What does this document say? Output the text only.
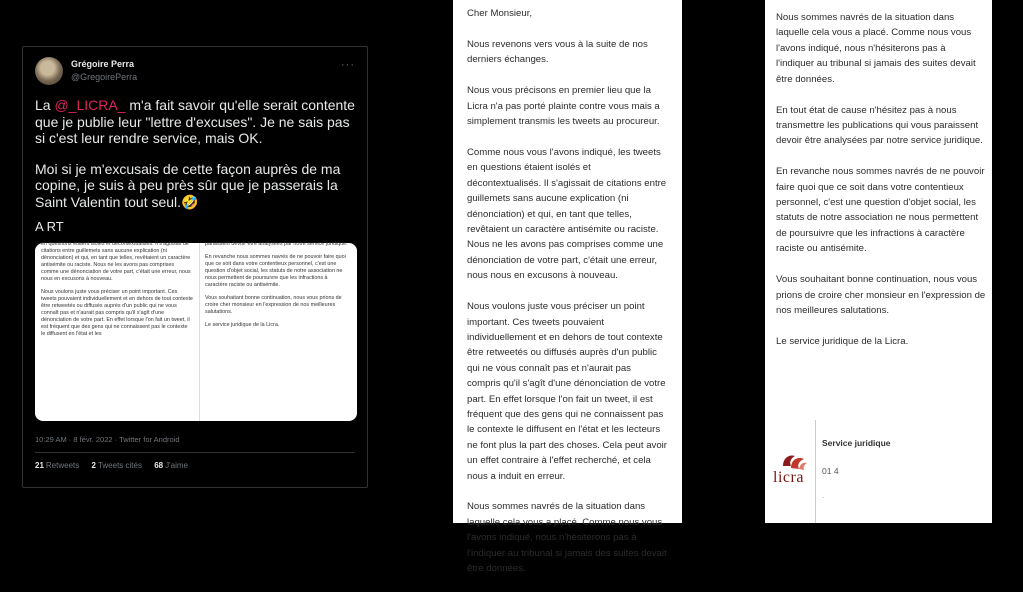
Grégoire Perra
@GregoirePerra
···

La @_LICRA_ m'a fait savoir qu'elle serait contente que je publie leur "lettre d'excuses". Je ne sais pas si c'est leur rendre service, mais OK.

Moi si je m'excusais de cette façon auprès de ma copine, je suis à peu près sûr que je passerais la Saint Valentin tout seul.🤣

A RT

en questions étaient isolés et décontextualisés. Il s'agissait de citations entre guillemets sans aucune explication (ni dénonciation) et qui, en tant que telles, revêtaient un caractère antisémite ou raciste. Nous ne les avons pas comprises comme une dénonciation de votre part, c'était une erreur, nous nous en excusons à nouveau.

Nous voulons juste vous préciser un point important. Ces tweets pouvaient individuellement et en dehors de tout contexte être retweetés ou diffusés auprès d'un public qui ne vous connaît pas et n'aurait pas compris qu'il s'agît d'une dénonciation de votre part. En effet lorsque l'on fait un tweet, il est fréquent que des gens qui ne connaissent pas le contexte le diffusent en l'état et les

paraissent devoir être analysées par notre service juridique.

En revanche nous sommes navrés de ne pouvoir faire quoi que ce soit dans votre contentieux personnel, c'est une question d'objet social, les statuts de notre association ne nous permettent de poursuivre que les infractions à caractère raciste ou antisémite.

Vous souhaitant bonne continuation, nous vous prions de croire cher monsieur en l'expression de nos meilleures salutations.

Le service juridique de la Licra.

10:29 AM · 8 févr. 2022 · Twitter for Android
21 Retweets 2 Tweets cités 68 J'aime

Cher Monsieur,

Nous revenons vers vous à la suite de nos derniers échanges.

Nous vous précisons en premier lieu que la Licra n'a pas porté plainte contre vous mais a simplement transmis les tweets au procureur.

Comme nous vous l'avons indiqué, les tweets en questions étaient isolés et décontextualisés. Il s'agissait de citations entre guillemets sans aucune explication (ni dénonciation) et qui, en tant que telles, revêtaient un caractère antisémite ou raciste. Nous ne les avons pas comprises comme une dénonciation de votre part, c'était une erreur, nous nous en excusons à nouveau.

Nous voulons juste vous préciser un point important. Ces tweets pouvaient individuellement et en dehors de tout contexte être retweetés ou diffusés auprès d'un public qui ne vous connaît pas et n'aurait pas compris qu'il s'agît d'une dénonciation de votre part. En effet lorsque l'on fait un tweet, il est fréquent que des gens qui ne connaissent pas le contexte le diffusent en l'état et les lecteurs ne font plus la part des choses. Cela peut avoir un effet contraire à l'effet recherché, et cela nous a induit en erreur.

Nous sommes navrés de la situation dans laquelle cela vous a placé. Comme nous vous l'avons indiqué, nous n'hésiterons pas à l'indiquer au tribunal si jamais des suites devait être données.

Nous sommes navrés de la situation dans laquelle cela vous a placé. Comme nous vous l'avons indiqué, nous n'hésiterons pas à l'indiquer au tribunal si jamais des suites devait être données.

En tout état de cause n'hésitez pas à nous transmettre les publications qui vous paraissent devoir être analysées par notre service juridique.

En revanche nous sommes navrés de ne pouvoir faire quoi que ce soit dans votre contentieux personnel, c'est une question d'objet social, les statuts de notre association ne nous permettent de poursuivre que les infractions à caractère raciste ou antisémite.

Vous souhaitant bonne continuation, nous vous prions de croire cher monsieur en l'expression de nos meilleures salutations.

Le service juridique de la Licra.

licra
Service juridique
01 4
.
